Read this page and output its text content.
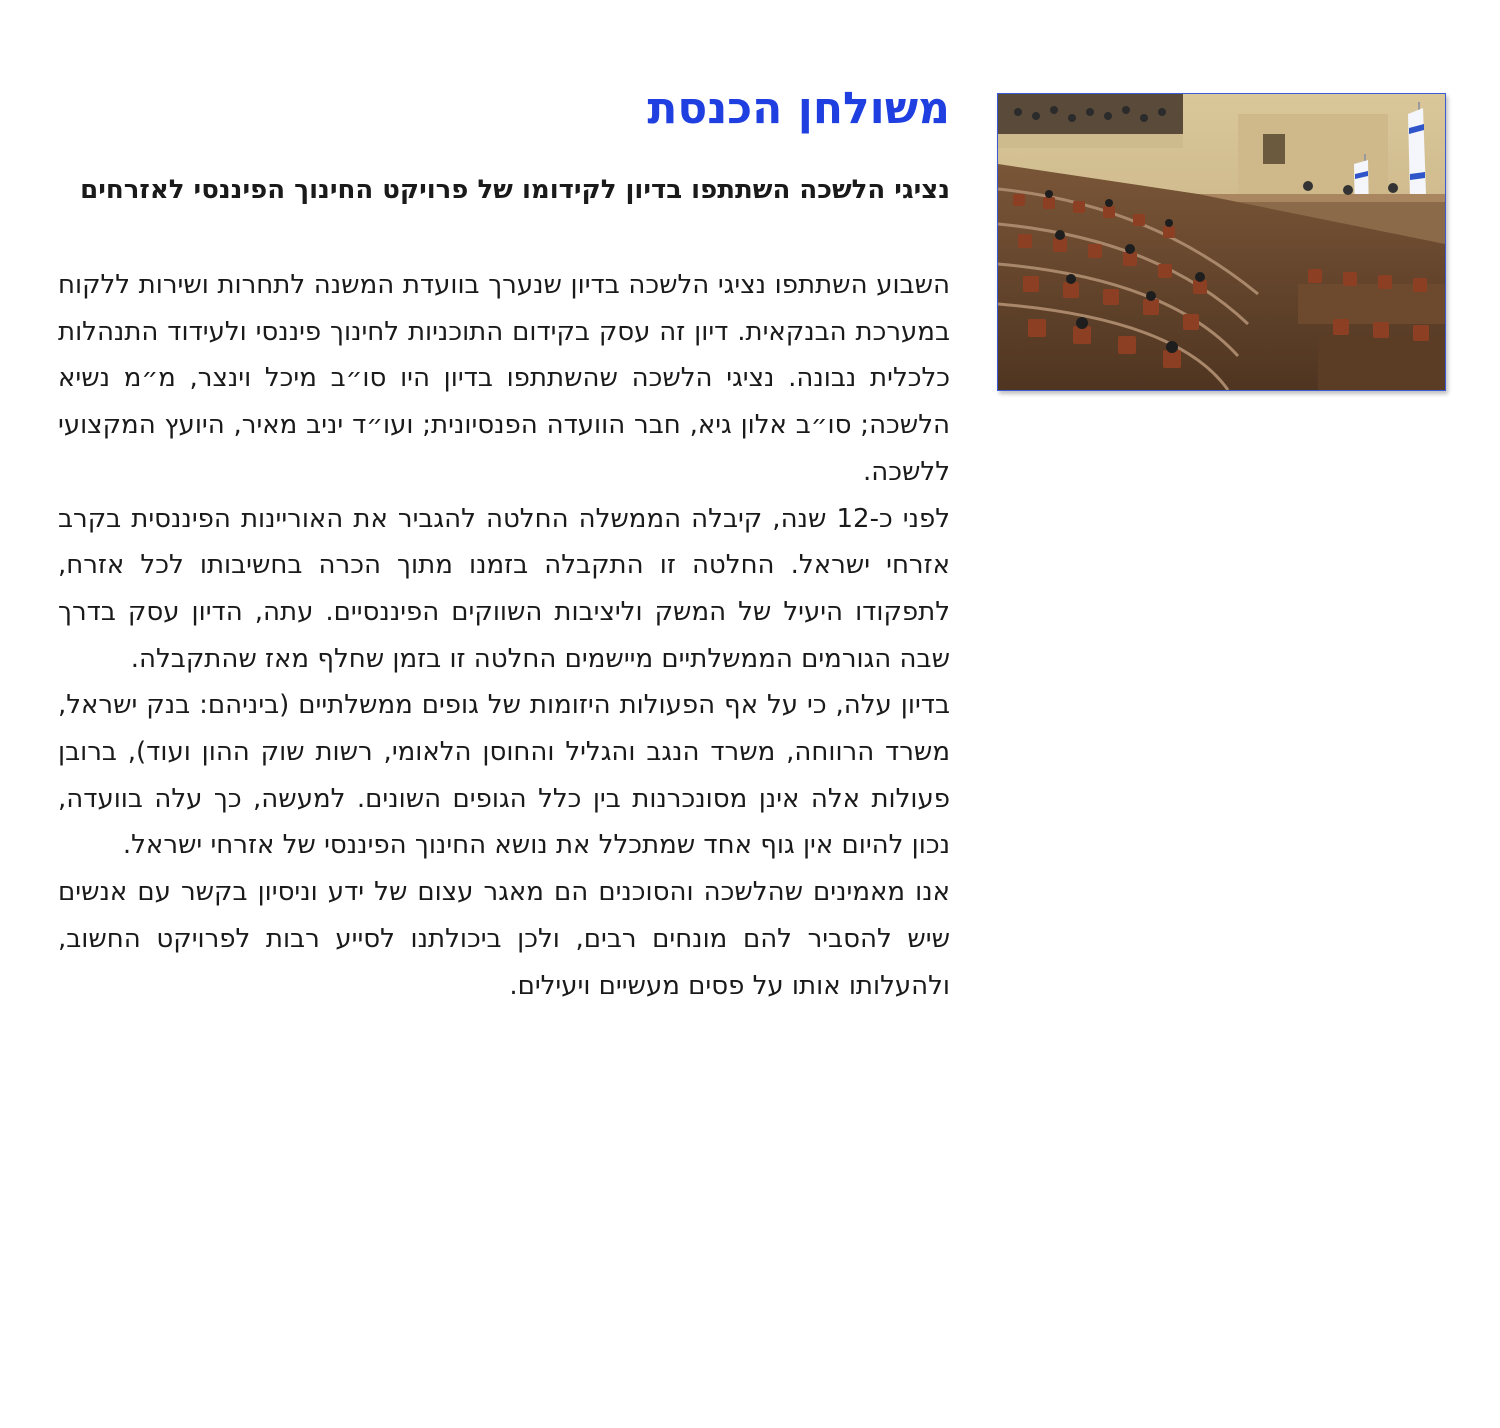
משולחן הכנסת
נציגי הלשכה השתתפו בדיון לקידומו של פרויקט החינוך הפיננסי לאזרחים

השבוע השתתפו נציגי הלשכה בדיון שנערך בוועדת המשנה לתחרות ושירות ללקוח במערכת הבנקאית. דיון זה עסק בקידום התוכניות לחינוך פיננסי ולעידוד התנהלות כלכלית נבונה. נציגי הלשכה שהשתתפו בדיון היו סו״ב מיכל וינצר, מ״מ נשיא הלשכה; סו״ב אלון גיא, חבר הוועדה הפנסיונית; ועו״ד יניב מאיר, היועץ המקצועי ללשכה.

לפני כ-12 שנה, קיבלה הממשלה החלטה להגביר את האוריינות הפיננסית בקרב אזרחי ישראל. החלטה זו התקבלה בזמנו מתוך הכרה בחשיבותו לכל אזרח, לתפקודו היעיל של המשק וליציבות השווקים הפיננסיים. עתה, הדיון עסק בדרך שבה הגורמים הממשלתיים מיישמים החלטה זו בזמן שחלף מאז שהתקבלה.

בדיון עלה, כי על אף הפעולות היזומות של גופים ממשלתיים (ביניהם: בנק ישראל, משרד הרווחה, משרד הנגב והגליל והחוסן הלאומי, רשות שוק ההון ועוד), ברובן פעולות אלה אינן מסונכרנות בין כלל הגופים השונים. למעשה, כך עלה בוועדה, נכון להיום אין גוף אחד שמתכלל את נושא החינוך הפיננסי של אזרחי ישראל.

אנו מאמינים שהלשכה והסוכנים הם מאגר עצום של ידע וניסיון בקשר עם אנשים שיש להסביר להם מונחים רבים, ולכן ביכולתנו לסייע רבות לפרויקט החשוב, ולהעלותו אותו על פסים מעשיים ויעילים.
